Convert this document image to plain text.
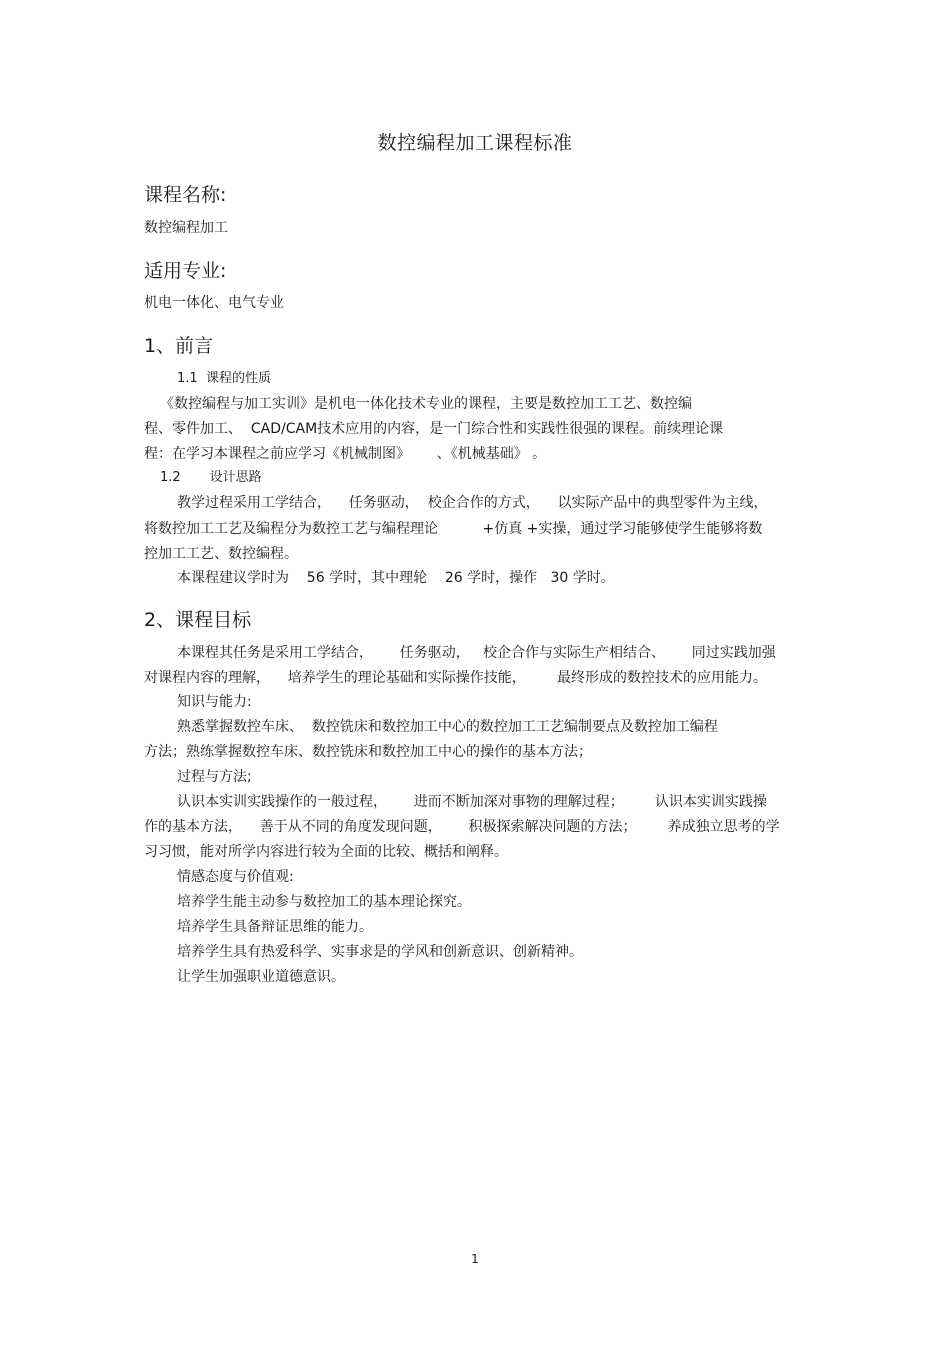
数控编程加工课程标准
课程名称:
数控编程加工
适用专业:
机电一体化、电气专业
1、前言
1.1  课程的性质
《数控编程与加工实训》是机电一体化技术专业的课程，主要是数控加工工艺、数控编
程、零件加工、  CAD/CAM技术应用的内容，是一门综合性和实践性很强的课程。前续理论课
程：在学习本课程之前应学习《机械制图》      、《机械基础》 。
1.2       设计思路
教学过程采用工学结合，    任务驱动，  校企合作的方式，    以实际产品中的典型零件为主线，
将数控加工工艺及编程分为数控工艺与编程理论          +仿真 +实操，通过学习能够使学生能够将数
控加工工艺、数控编程。
本课程建议学时为    56 学时，其中理轮    26 学时，操作   30 学时。
2、课程目标
本课程其任务是采用工学结合，      任务驱动，   校企合作与实际生产相结合、      同过实践加强
对课程内容的理解，    培养学生的理论基础和实际操作技能，       最终形成的数控技术的应用能力。
知识与能力:
熟悉掌握数控车床、  数控铣床和数控加工中心的数控加工工艺编制要点及数控加工编程
方法；熟练掌握数控车床、数控铣床和数控加工中心的操作的基本方法；
过程与方法;
认识本实训实践操作的一般过程，      进而不断加深对事物的理解过程；       认识本实训实践操
作的基本方法，    善于从不同的角度发现问题，      积极探索解决问题的方法；       养成独立思考的学
习习惯，能对所学内容进行较为全面的比较、概括和阐释。
情感态度与价值观:
培养学生能主动参与数控加工的基本理论探究。
培养学生具备辩证思维的能力。
培养学生具有热爱科学、实事求是的学风和创新意识、创新精神。
让学生加强职业道德意识。
1
